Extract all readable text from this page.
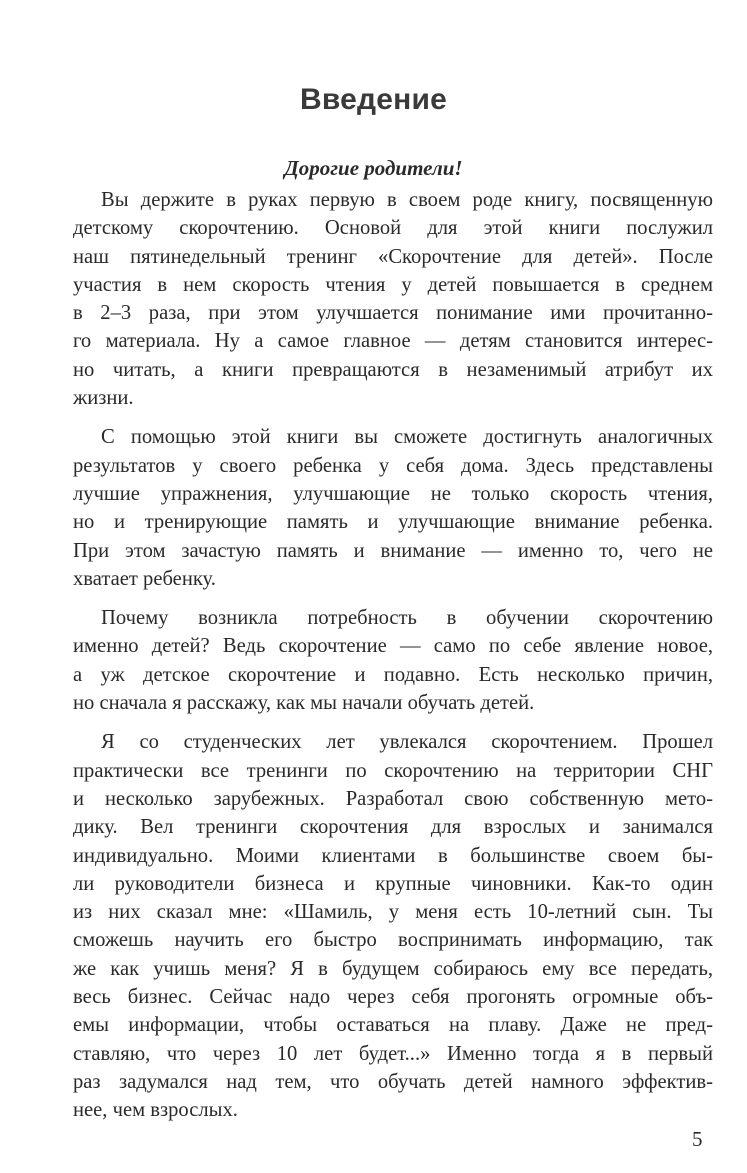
Введение
Дорогие родители!

Вы держите в руках первую в своем роде книгу, посвященную
детскому скорочтению. Основой для этой книги послужил
наш пятинедельный тренинг «Скорочтение для детей». После
участия в нем скорость чтения у детей повышается в среднем
в 2–3 раза, при этом улучшается понимание ими прочитанно-
го материала. Ну а самое главное — детям становится интерес-
но читать, а книги превращаются в незаменимый атрибут их
жизни.

С помощью этой книги вы сможете достигнуть аналогичных
результатов у своего ребенка у себя дома. Здесь представлены
лучшие упражнения, улучшающие не только скорость чтения,
но и тренирующие память и улучшающие внимание ребенка.
При этом зачастую память и внимание — именно то, чего не
хватает ребенку.

Почему возникла потребность в обучении скорочтению
именно детей? Ведь скорочтение — само по себе явление новое,
а уж детское скорочтение и подавно. Есть несколько причин,
но сначала я расскажу, как мы начали обучать детей.

Я со студенческих лет увлекался скорочтением. Прошел
практически все тренинги по скорочтению на территории СНГ
и несколько зарубежных. Разработал свою собственную мето-
дику. Вел тренинги скорочтения для взрослых и занимался
индивидуально. Моими клиентами в большинстве своем бы-
ли руководители бизнеса и крупные чиновники. Как-то один
из них сказал мне: «Шамиль, у меня есть 10-летний сын. Ты
сможешь научить его быстро воспринимать информацию, так
же как учишь меня? Я в будущем собираюсь ему все передать,
весь бизнес. Сейчас надо через себя прогонять огромные объ-
емы информации, чтобы оставаться на плаву. Даже не пред-
ставляю, что через 10 лет будет...» Именно тогда я в первый
раз задумался над тем, что обучать детей намного эффектив-
нее, чем взрослых.

5
